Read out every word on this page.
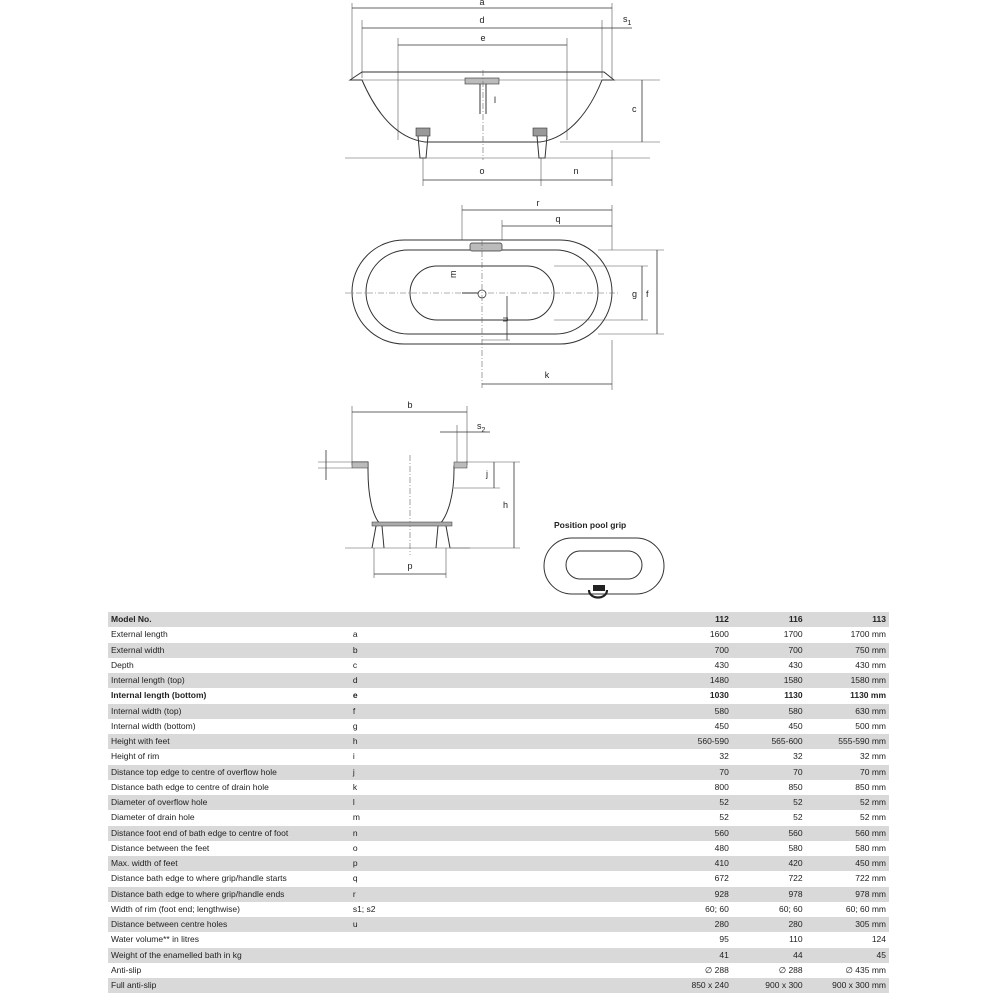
a
d	$s_1$
e
l
c
o	n
r
q
m
u
g f
k
b
$s_2$
j
h
p
Position pool grip
Model No.		112	116	113
External length	a	1600	1700	1700 mm
External width	b	700	700	750 mm
Depth	c	430	430	430 mm
Internal length (top)	d	1480	1580	1580 mm
Internal length (bottom)	e	1030	1130	1130 mm
Internal width (top)	f	580	580	630 mm
Internal width (bottom)	g	450	450	500 mm
Height with feet	h	560-590	565-600	555-590 mm
Height of rim	i	32	32	32 mm
Distance top edge to centre of overflow hole	j	70	70	70 mm
Distance bath edge to centre of drain hole	k	800	850	850 mm
Diameter of overflow hole	l	52	52	52 mm
Diameter of drain hole	m	52	52	52 mm
Distance foot end of bath edge to centre of foot	n	560	560	560 mm
Distance between the feet	o	480	580	580 mm
Max. width of feet	p	410	420	450 mm
Distance bath edge to where grip/handle starts	q	672	722	722 mm
Distance bath edge to where grip/handle ends	r	928	978	978 mm
Width of rim (foot end; lengthwise)	s1; s2	60; 60	60; 60	60; 60 mm
Distance between centre holes	u	280	280	305 mm
Water volume** in litres		95	110	124
Weight of the enamelled bath in kg		41	44	45
Anti-slip		∅ 288	∅ 288	∅ 435 mm
Full anti-slip		850 x 240	900 x 300	900 x 300 mm
